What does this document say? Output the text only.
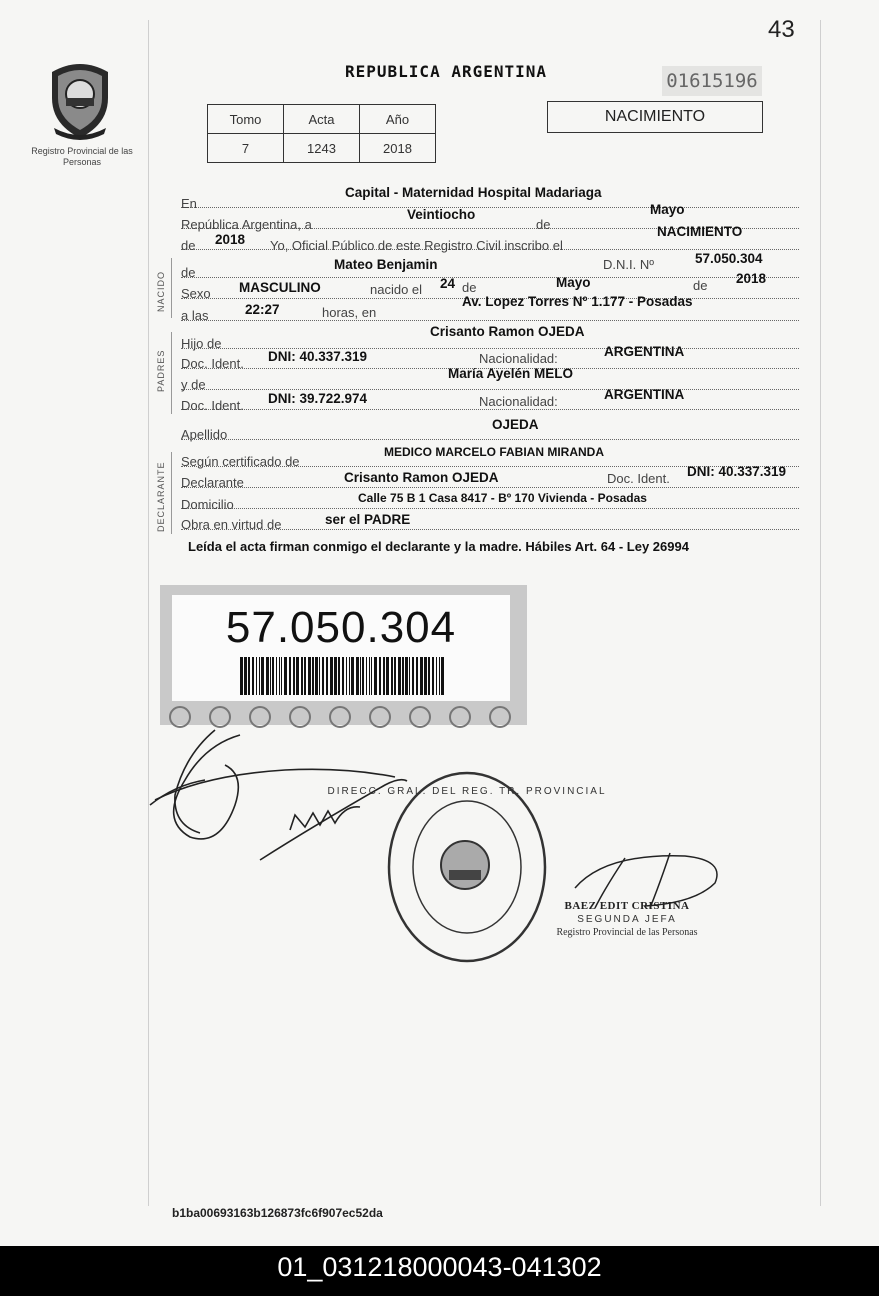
43
Registro Provincial de las Personas
REPUBLICA ARGENTINA	01615196
Tomo	Acta	Año
7	1243	2018
NACIMIENTO
En
Capital - Maternidad Hospital Madariaga
República Argentina, a
Veintiocho
de
Mayo
de 2018 Yo, Oficial Público de este Registro Civil inscribo el
NACIMIENTO
NACIDO de
Mateo Benjamin	D.N.I. Nº	57.050.304
Sexo MASCULINO	nacido el 24 de	Mayo	de 2018
a las	22:27	horas, en
Av. Lopez Torres Nº 1.177 - Posadas
PADRES
Hijo de
Crisanto Ramon OJEDA
Doc. Ident. DNI: 40.337.319	Nacionalidad:	ARGENTINA
y de
María Ayelén MELO
Doc. Ident. DNI: 39.722.974	Nacionalidad:	ARGENTINA
Apellido
OJEDA
DECLARANTE Según certificado de
MEDICO MARCELO FABIAN MIRANDA
Declarante	Crisanto Ramon OJEDA	Doc. Ident. DNI: 40.337.319
Domicilio	Calle 75 B 1 Casa 8417 - Bº 170 Vivienda - Posadas
Obra en virtud de	ser el PADRE
Leída el acta firman conmigo el declarante y la madre. Hábiles Art. 64 - Ley 26994
57.050.304
DIRECC. GRAL. DEL REG. TR. PROVINCIAL
BAEZ EDIT CRISTINA
SEGUNDA JEFA
Registro Provincial de las Personas
b1ba00693163b126873fc6f907ec52da
01_031218000043-041302
